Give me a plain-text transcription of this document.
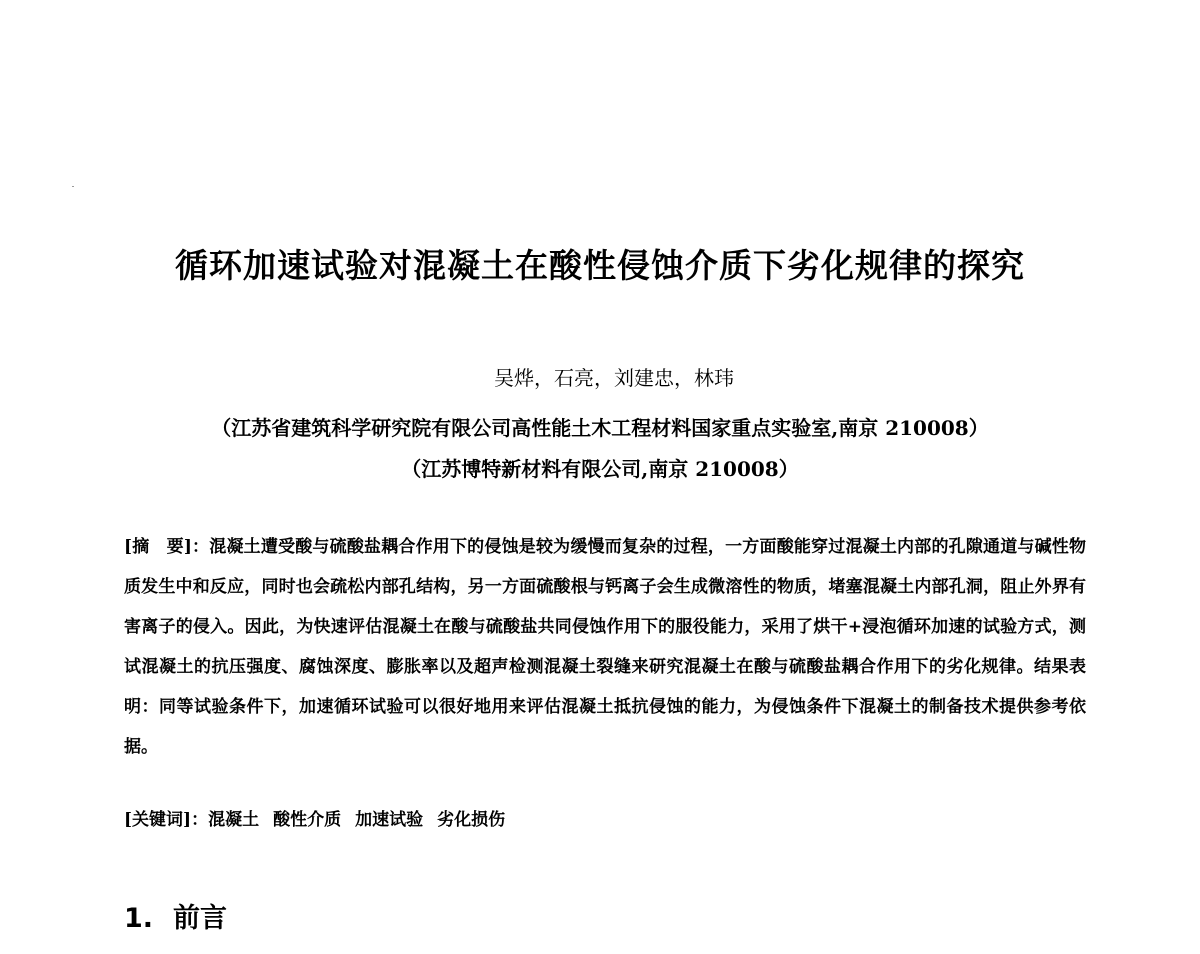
循环加速试验对混凝土在酸性侵蚀介质下劣化规律的探究
吴烨，石亮，刘建忠，林玮
（江苏省建筑科学研究院有限公司高性能土木工程材料国家重点实验室,南京 210008）
（江苏博特新材料有限公司,南京 210008）
[摘　要]：混凝土遭受酸与硫酸盐耦合作用下的侵蚀是较为缓慢而复杂的过程，一方面酸能穿过混凝土内部的孔隙通道与碱性物质发生中和反应，同时也会疏松内部孔结构，另一方面硫酸根与钙离子会生成微溶性的物质，堵塞混凝土内部孔洞，阻止外界有害离子的侵入。因此，为快速评估混凝土在酸与硫酸盐共同侵蚀作用下的服役能力，采用了烘干+浸泡循环加速的试验方式，测试混凝土的抗压强度、腐蚀深度、膨胀率以及超声检测混凝土裂缝来研究混凝土在酸与硫酸盐耦合作用下的劣化规律。结果表明：同等试验条件下，加速循环试验可以很好地用来评估混凝土抵抗侵蚀的能力，为侵蚀条件下混凝土的制备技术提供参考依据。
[关键词]：混凝土 酸性介质 加速试验 劣化损伤
1. 前言
